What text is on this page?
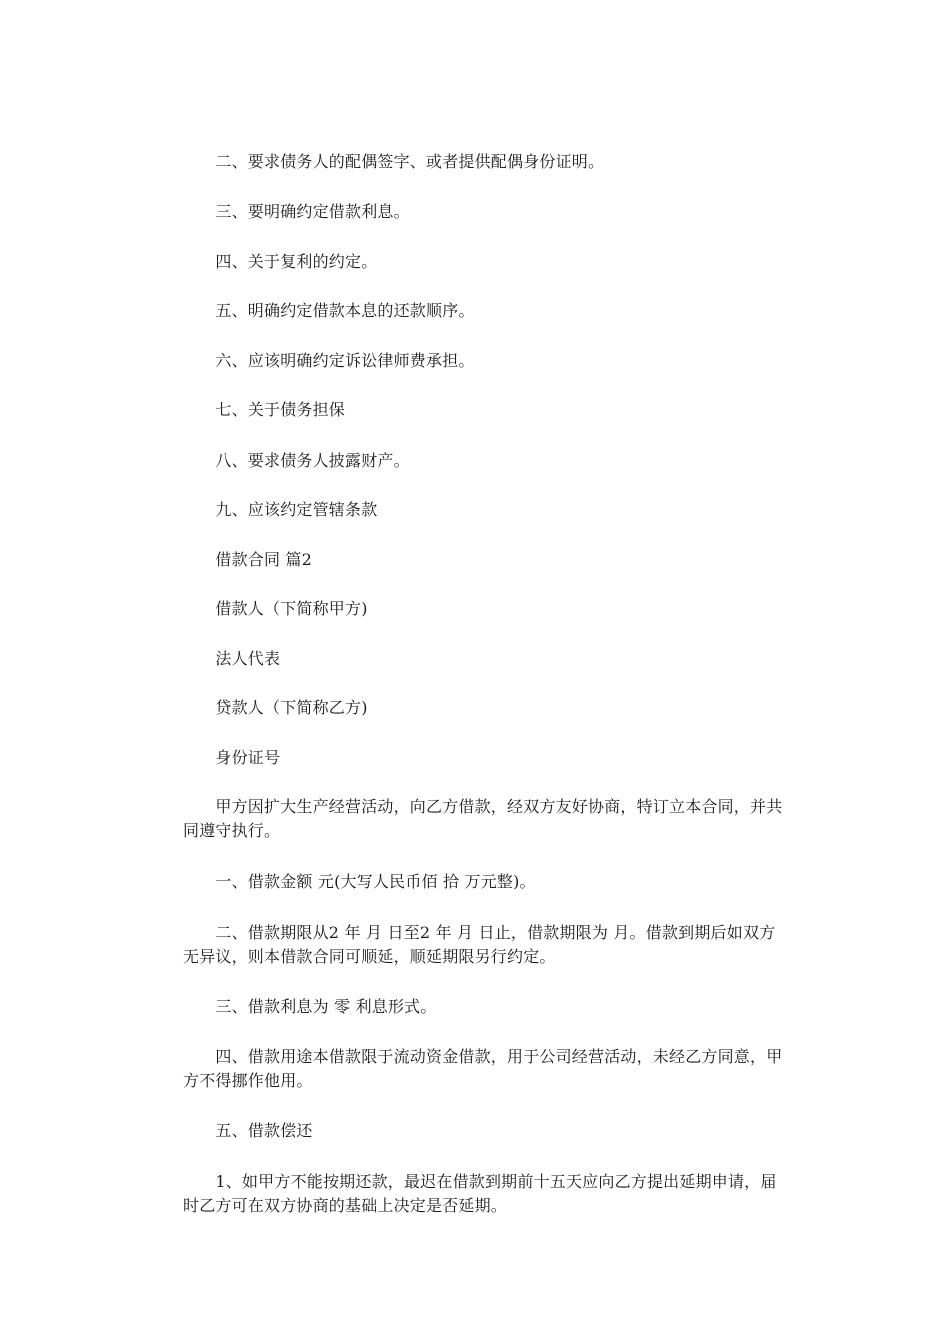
　　二、要求债务人的配偶签字、或者提供配偶身份证明。

　　三、要明确约定借款利息。

　　四、关于复利的约定。

　　五、明确约定借款本息的还款顺序。

　　六、应该明确约定诉讼律师费承担。

　　七、关于债务担保

　　八、要求债务人披露财产。

　　九、应该约定管辖条款

　　借款合同 篇2

　　借款人（下简称甲方)

　　法人代表

　　贷款人（下简称乙方)

　　身份证号

　　甲方因扩大生产经营活动，向乙方借款，经双方友好协商，特订立本合同，并共同遵守执行。

　　一、借款金额 元(大写人民币佰 拾 万元整)。

　　二、借款期限从2 年 月 日至2 年 月 日止，借款期限为 月。借款到期后如双方无异议，则本借款合同可顺延，顺延期限另行约定。

　　三、借款利息为 零 利息形式。

　　四、借款用途本借款限于流动资金借款，用于公司经营活动，未经乙方同意，甲方不得挪作他用。

　　五、借款偿还

　　1、如甲方不能按期还款，最迟在借款到期前十五天应向乙方提出延期申请，届时乙方可在双方协商的基础上决定是否延期。
